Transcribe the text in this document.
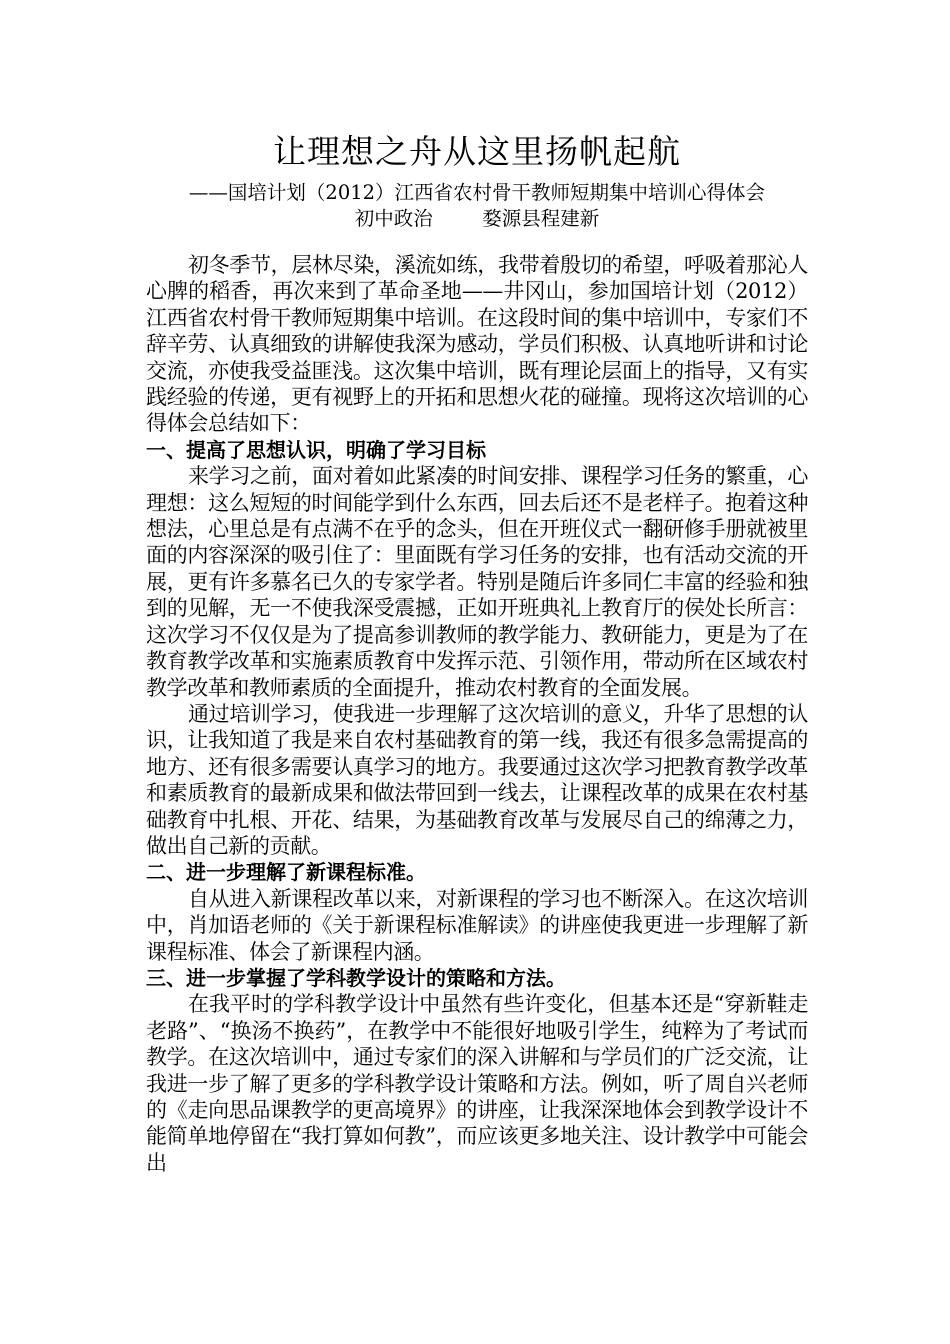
让理想之舟从这里扬帆起航

——国培计划（2012）江西省农村骨干教师短期集中培训心得体会

初中政治        婺源县程建新

初冬季节，层林尽染，溪流如练，我带着殷切的希望，呼吸着那沁人心脾的稻香，再次来到了革命圣地——井冈山，参加国培计划（2012）江西省农村骨干教师短期集中培训。在这段时间的集中培训中，专家们不辞辛劳、认真细致的讲解使我深为感动，学员们积极、认真地听讲和讨论交流，亦使我受益匪浅。这次集中培训，既有理论层面上的指导，又有实践经验的传递，更有视野上的开拓和思想火花的碰撞。现将这次培训的心得体会总结如下：

一、提高了思想认识，明确了学习目标

来学习之前，面对着如此紧凑的时间安排、课程学习任务的繁重，心理想：这么短短的时间能学到什么东西，回去后还不是老样子。抱着这种想法，心里总是有点满不在乎的念头，但在开班仪式一翻研修手册就被里面的内容深深的吸引住了：里面既有学习任务的安排，也有活动交流的开展，更有许多慕名已久的专家学者。特别是随后许多同仁丰富的经验和独到的见解，无一不使我深受震撼，正如开班典礼上教育厅的侯处长所言：这次学习不仅仅是为了提高参训教师的教学能力、教研能力，更是为了在教育教学改革和实施素质教育中发挥示范、引领作用，带动所在区域农村教学改革和教师素质的全面提升，推动农村教育的全面发展。

通过培训学习，使我进一步理解了这次培训的意义，升华了思想的认识，让我知道了我是来自农村基础教育的第一线，我还有很多急需提高的地方、还有很多需要认真学习的地方。我要通过这次学习把教育教学改革和素质教育的最新成果和做法带回到一线去，让课程改革的成果在农村基础教育中扎根、开花、结果，为基础教育改革与发展尽自己的绵薄之力，做出自己新的贡献。

二、进一步理解了新课程标准。

自从进入新课程改革以来，对新课程的学习也不断深入。在这次培训中，肖加语老师的《关于新课程标准解读》的讲座使我更进一步理解了新课程标准、体会了新课程内涵。

三、进一步掌握了学科教学设计的策略和方法。

在我平时的学科教学设计中虽然有些许变化，但基本还是“穿新鞋走老路”、“换汤不换药”，在教学中不能很好地吸引学生，纯粹为了考试而教学。在这次培训中，通过专家们的深入讲解和与学员们的广泛交流，让我进一步了解了更多的学科教学设计策略和方法。例如，听了周自兴老师的《走向思品课教学的更高境界》的讲座，让我深深地体会到教学设计不能简单地停留在“我打算如何教”，而应该更多地关注、设计教学中可能会出
